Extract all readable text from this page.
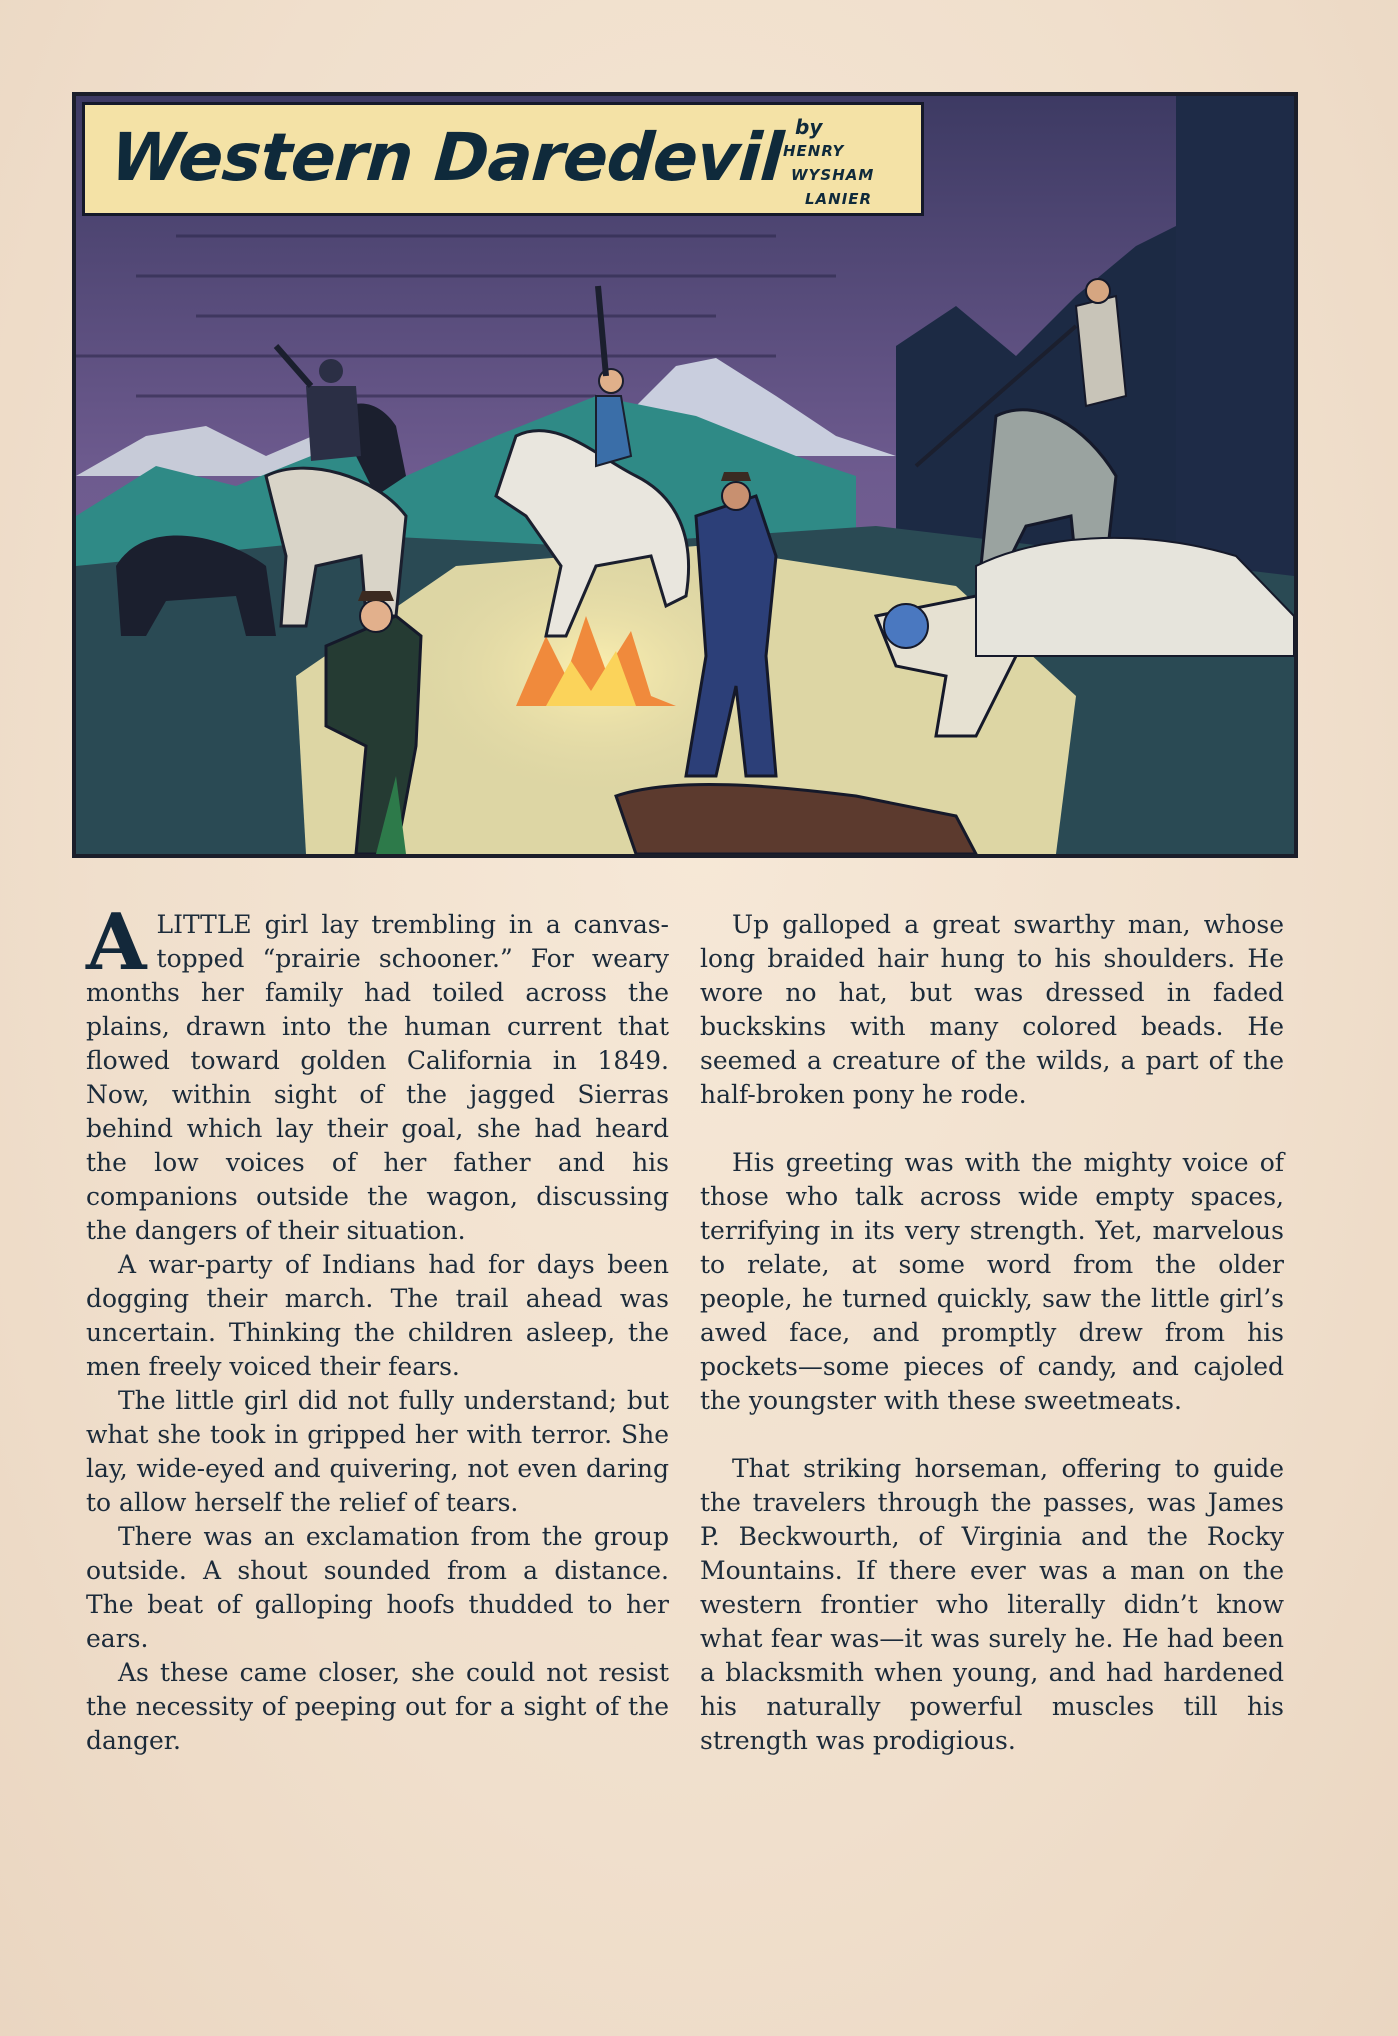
Western Daredevil by
HENRY
WYSHAM
LANIER

A LITTLE girl lay trembling in a canvas-topped “prairie schooner.” For weary months her family had toiled across the plains, drawn into the human current that flowed toward golden California in 1849. Now, within sight of the jagged Sierras behind which lay their goal, she had heard the low voices of her father and his companions outside the wagon, discussing the dangers of their situation.

A war-party of Indians had for days been dogging their march. The trail ahead was uncertain. Thinking the children asleep, the men freely voiced their fears.

The little girl did not fully understand; but what she took in gripped her with terror. She lay, wide-eyed and quivering, not even daring to allow herself the relief of tears.

There was an exclamation from the group outside. A shout sounded from a distance. The beat of galloping hoofs thudded to her ears.

As these came closer, she could not resist the necessity of peeping out for a sight of the danger.

Up galloped a great swarthy man, whose long braided hair hung to his shoulders. He wore no hat, but was dressed in faded buckskins with many colored beads. He seemed a creature of the wilds, a part of the half-broken pony he rode.

His greeting was with the mighty voice of those who talk across wide empty spaces, terrifying in its very strength. Yet, marvelous to relate, at some word from the older people, he turned quickly, saw the little girl’s awed face, and promptly drew from his pockets—some pieces of candy, and cajoled the youngster with these sweetmeats.

That striking horseman, offering to guide the travelers through the passes, was James P. Beckwourth, of Virginia and the Rocky Mountains. If there ever was a man on the western frontier who literally didn’t know what fear was—it was surely he. He had been a blacksmith when young, and had hardened his naturally powerful muscles till his strength was prodigious.
